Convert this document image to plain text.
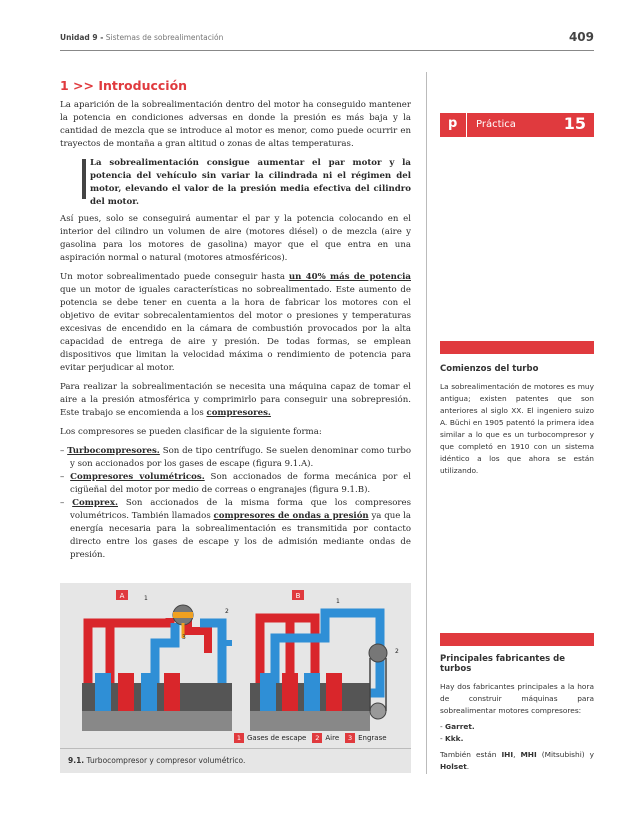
Unidad 9 - Sistemas de sobrealimentación	409
1 >> Introducción

La aparición de la sobrealimentación dentro del motor ha conseguido mantener la potencia en condiciones adversas en donde la presión es más baja y la cantidad de mezcla que se introduce al motor es menor, como puede ocurrir en trayectos de montaña a gran altitud o zonas de altas temperaturas.

La sobrealimentación consigue aumentar el par motor y la potencia del vehículo sin variar la cilindrada ni el régimen del motor, elevando el valor de la presión media efectiva del cilindro del motor.

Así pues, solo se conseguirá aumentar el par y la potencia colocando en el interior del cilindro un volumen de aire (motores diésel) o de mezcla (aire y gasolina para los motores de gasolina) mayor que el que entra en una aspiración normal o natural (motores atmosféricos).

Un motor sobrealimentado puede conseguir hasta un 40% más de potencia que un motor de iguales características no sobrealimentado. Este aumento de potencia se debe tener en cuenta a la hora de fabricar los motores con el objetivo de evitar sobrecalentamientos del motor o presiones y temperaturas excesivas de encendido en la cámara de combustión provocados por la alta capacidad de entrega de aire y presión. De todas formas, se emplean dispositivos que limitan la velocidad máxima o rendimiento de potencia para evitar perjudicar al motor.

Para realizar la sobrealimentación se necesita una máquina capaz de tomar el aire a la presión atmosférica y comprimirlo para conseguir una sobrepresión. Este trabajo se encomienda a los compresores.

Los compresores se pueden clasificar de la siguiente forma:

– Turbocompresores. Son de tipo centrífugo. Se suelen denominar como turbo y son accionados por los gases de escape (figura 9.1.A).

– Compresores volumétricos. Son accionados de forma mecánica por el cigüeñal del motor por medio de correas o engranajes (figura 9.1.B).

– Comprex. Son accionados de la misma forma que los compresores volumétricos. También llamados compresores de ondas a presión ya que la energía necesaria para la sobrealimentación es transmitida por contacto directo entre los gases de escape y los de admisión mediante ondas de presión.

A	1
2
3
B
1
2
1 Gases de escape	2 Aire	3 Engrase
9.1. Turbocompresor y compresor volumétrico.
p Práctica	15
Comienzos del turbo

La sobrealimentación de motores es muy antigua; existen patentes que son anteriores al siglo XX. El ingeniero suizo A. Büchi en 1905 patentó la primera idea similar a lo que es un turbocompresor y que completó en 1910 con un sistema idéntico a los que ahora se están utilizando.

Principales fabricantes de turbos

Hay dos fabricantes principales a la hora de construir máquinas para sobrealimentar motores compresores:

- Garret.
- Kkk.

También están IHI, MHI (Mitsubishi) y Holset.
